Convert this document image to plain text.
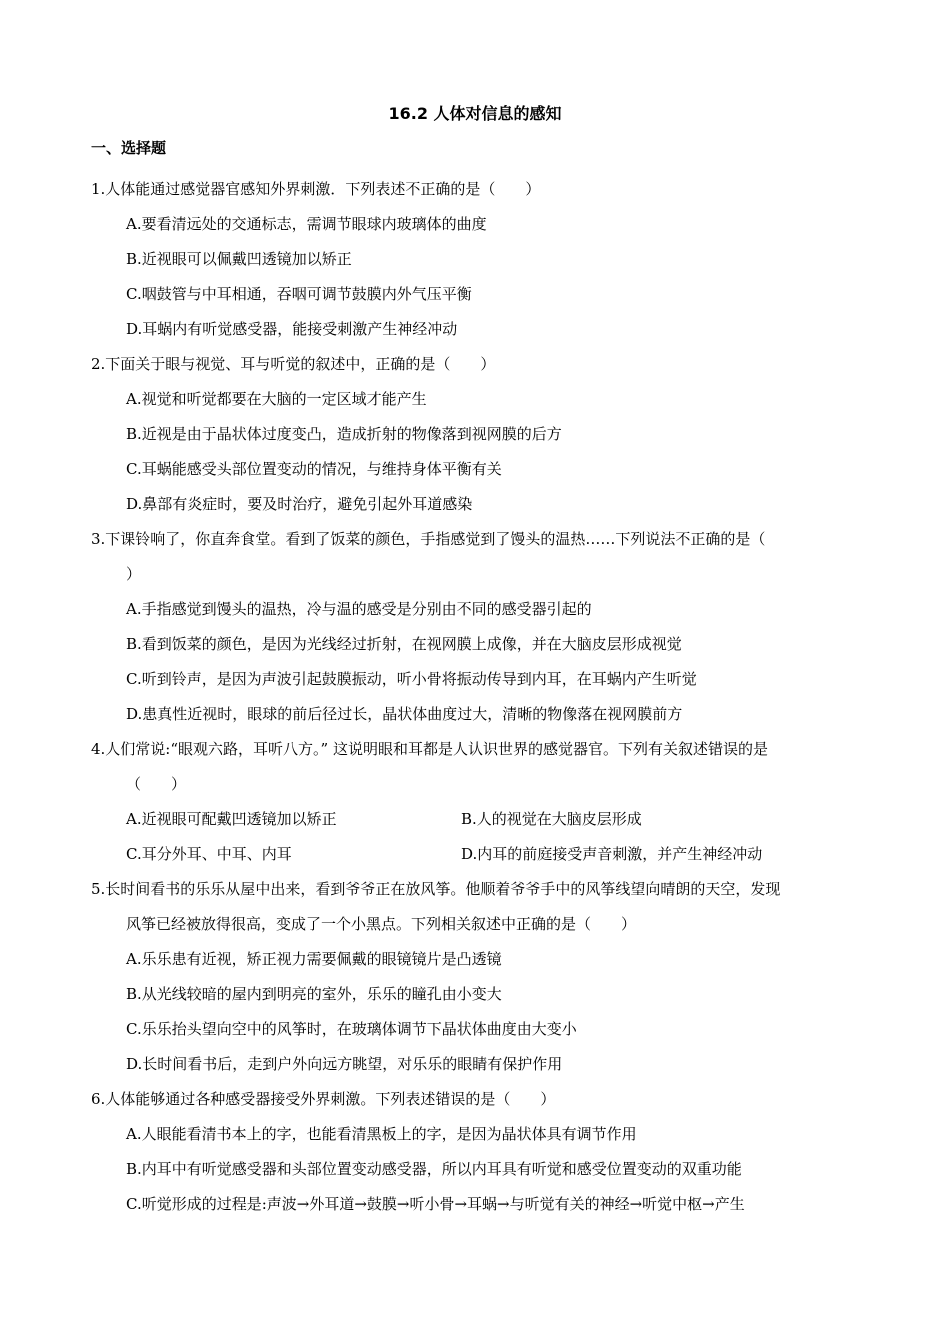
16.2 人体对信息的感知
一、选择题
1.人体能通过感觉器官感知外界刺激．下列表述不正确的是（　　）
A.要看清远处的交通标志，需调节眼球内玻璃体的曲度
B.近视眼可以佩戴凹透镜加以矫正
C.咽鼓管与中耳相通，吞咽可调节鼓膜内外气压平衡
D.耳蜗内有听觉感受器，能接受刺激产生神经冲动
2.下面关于眼与视觉、耳与听觉的叙述中，正确的是（　　）
A.视觉和听觉都要在大脑的一定区域才能产生
B.近视是由于晶状体过度变凸，造成折射的物像落到视网膜的后方
C.耳蜗能感受头部位置变动的情况，与维持身体平衡有关
D.鼻部有炎症时，要及时治疗，避免引起外耳道感染
3.下课铃响了，你直奔食堂。看到了饭菜的颜色，手指感觉到了馒头的温热……下列说法不正确的是（
）
A.手指感觉到馒头的温热，冷与温的感受是分别由不同的感受器引起的
B.看到饭菜的颜色，是因为光线经过折射，在视网膜上成像，并在大脑皮层形成视觉
C.听到铃声，是因为声波引起鼓膜振动，听小骨将振动传导到内耳，在耳蜗内产生听觉
D.患真性近视时，眼球的前后径过长，晶状体曲度过大，清晰的物像落在视网膜前方
4.人们常说:“眼观六路，耳听八方。” 这说明眼和耳都是人认识世界的感觉器官。下列有关叙述错误的是
（　　）
A.近视眼可配戴凹透镜加以矫正	B.人的视觉在大脑皮层形成
C.耳分外耳、中耳、内耳	D.内耳的前庭接受声音刺激，并产生神经冲动
5.长时间看书的乐乐从屋中出来，看到爷爷正在放风筝。他顺着爷爷手中的风筝线望向晴朗的天空，发现
风筝已经被放得很高，变成了一个小黑点。下列相关叙述中正确的是（　　）
A.乐乐患有近视，矫正视力需要佩戴的眼镜镜片是凸透镜
B.从光线较暗的屋内到明亮的室外，乐乐的瞳孔由小变大
C.乐乐抬头望向空中的风筝时，在玻璃体调节下晶状体曲度由大变小
D.长时间看书后，走到户外向远方眺望，对乐乐的眼睛有保护作用
6.人体能够通过各种感受器接受外界刺激。下列表述错误的是（　　）
A.人眼能看清书本上的字，也能看清黑板上的字，是因为晶状体具有调节作用
B.内耳中有听觉感受器和头部位置变动感受器，所以内耳具有听觉和感受位置变动的双重功能
C.听觉形成的过程是:声波→外耳道→鼓膜→听小骨→耳蜗→与听觉有关的神经→听觉中枢→产生
